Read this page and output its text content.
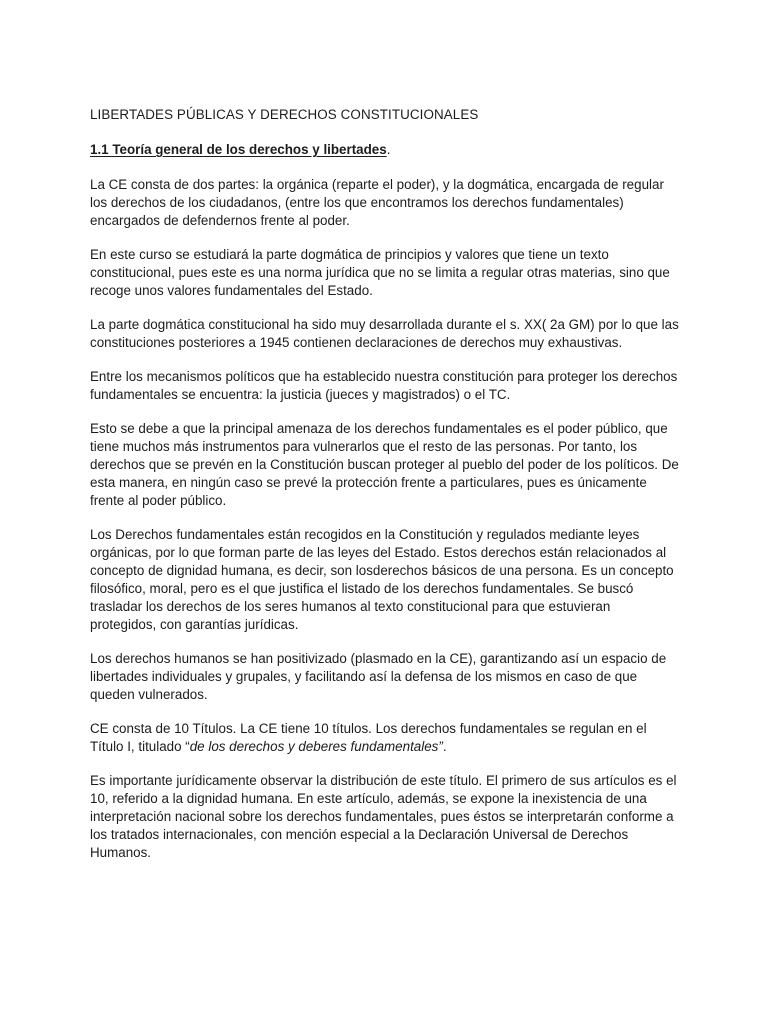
LIBERTADES PÚBLICAS Y DERECHOS CONSTITUCIONALES
1.1 Teoría general de los derechos y libertades.

La CE consta de dos partes: la orgánica (reparte el poder), y la dogmática, encargada de regular los derechos de los ciudadanos, (entre los que encontramos los derechos fundamentales) encargados de defendernos frente al poder.

En este curso se estudiará la parte dogmática de principios y valores que tiene un texto constitucional, pues este es una norma jurídica que no se limita a regular otras materias, sino que recoge unos valores fundamentales del Estado.

La parte dogmática constitucional ha sido muy desarrollada durante el s. XX( 2a GM) por lo que las constituciones posteriores a 1945 contienen declaraciones de derechos muy exhaustivas.

Entre los mecanismos políticos que ha establecido nuestra constitución para proteger los derechos fundamentales se encuentra: la justicia (jueces y magistrados) o el TC.

Esto se debe a que la principal amenaza de los derechos fundamentales es el poder público, que tiene muchos más instrumentos para vulnerarlos que el resto de las personas. Por tanto, los derechos que se prevén en la Constitución buscan proteger al pueblo del poder de los políticos. De esta manera, en ningún caso se prevé la protección frente a particulares, pues es únicamente frente al poder público.

Los Derechos fundamentales están recogidos en la Constitución y regulados mediante leyes orgánicas, por lo que forman parte de las leyes del Estado. Estos derechos están relacionados al concepto de dignidad humana, es decir, son losderechos básicos de una persona. Es un concepto filosófico, moral, pero es el que justifica el listado de los derechos fundamentales. Se buscó trasladar los derechos de los seres humanos al texto constitucional para que estuvieran protegidos, con garantías jurídicas.

Los derechos humanos se han positivizado (plasmado en la CE), garantizando así un espacio de libertades individuales y grupales, y facilitando así la defensa de los mismos en caso de que queden vulnerados.

CE consta de 10 Títulos. La CE tiene 10 títulos. Los derechos fundamentales se regulan en el Título I, titulado “de los derechos y deberes fundamentales”.

Es importante jurídicamente observar la distribución de este título. El primero de sus artículos es el 10, referido a la dignidad humana. En este artículo, además, se expone la inexistencia de una interpretación nacional sobre los derechos fundamentales, pues éstos se interpretarán conforme a los tratados internacionales, con mención especial a la Declaración Universal de Derechos Humanos.
